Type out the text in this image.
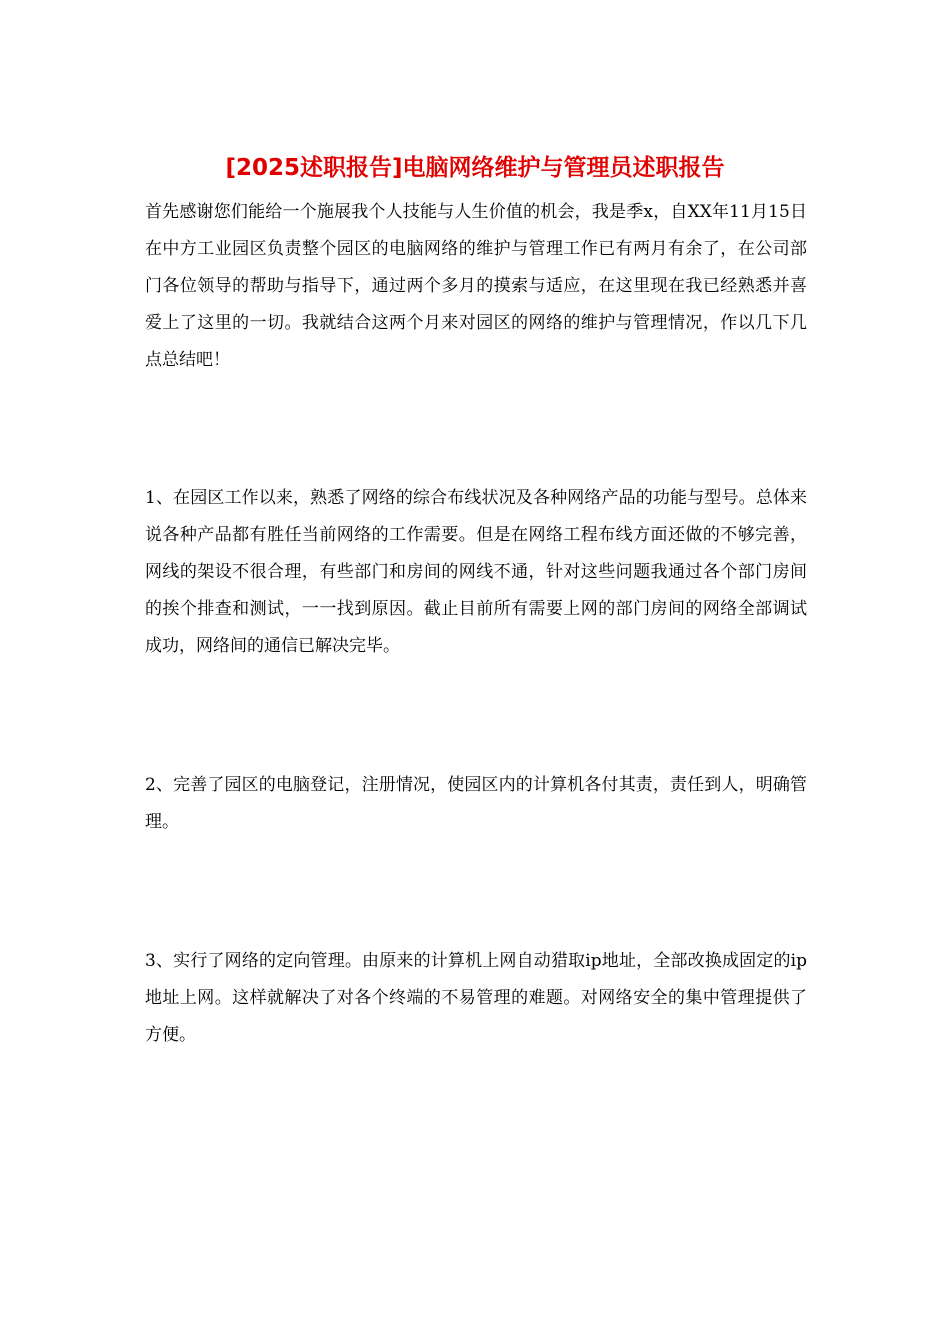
[2025述职报告]电脑网络维护与管理员述职报告

首先感谢您们能给一个施展我个人技能与人生价值的机会，我是季x，自XX年11月15日在中方工业园区负责整个园区的电脑网络的维护与管理工作已有两月有余了，在公司部门各位领导的帮助与指导下，通过两个多月的摸索与适应，在这里现在我已经熟悉并喜爱上了这里的一切。我就结合这两个月来对园区的网络的维护与管理情况，作以几下几点总结吧！

1、在园区工作以来，熟悉了网络的综合布线状况及各种网络产品的功能与型号。总体来说各种产品都有胜任当前网络的工作需要。但是在网络工程布线方面还做的不够完善，网线的架设不很合理，有些部门和房间的网线不通，针对这些问题我通过各个部门房间的挨个排查和测试，一一找到原因。截止目前所有需要上网的部门房间的网络全部调试成功，网络间的通信已解决完毕。

2、完善了园区的电脑登记，注册情况，使园区内的计算机各付其责，责任到人，明确管理。

3、实行了网络的定向管理。由原来的计算机上网自动猎取ip地址，全部改换成固定的ip地址上网。这样就解决了对各个终端的不易管理的难题。对网络安全的集中管理提供了方便。
